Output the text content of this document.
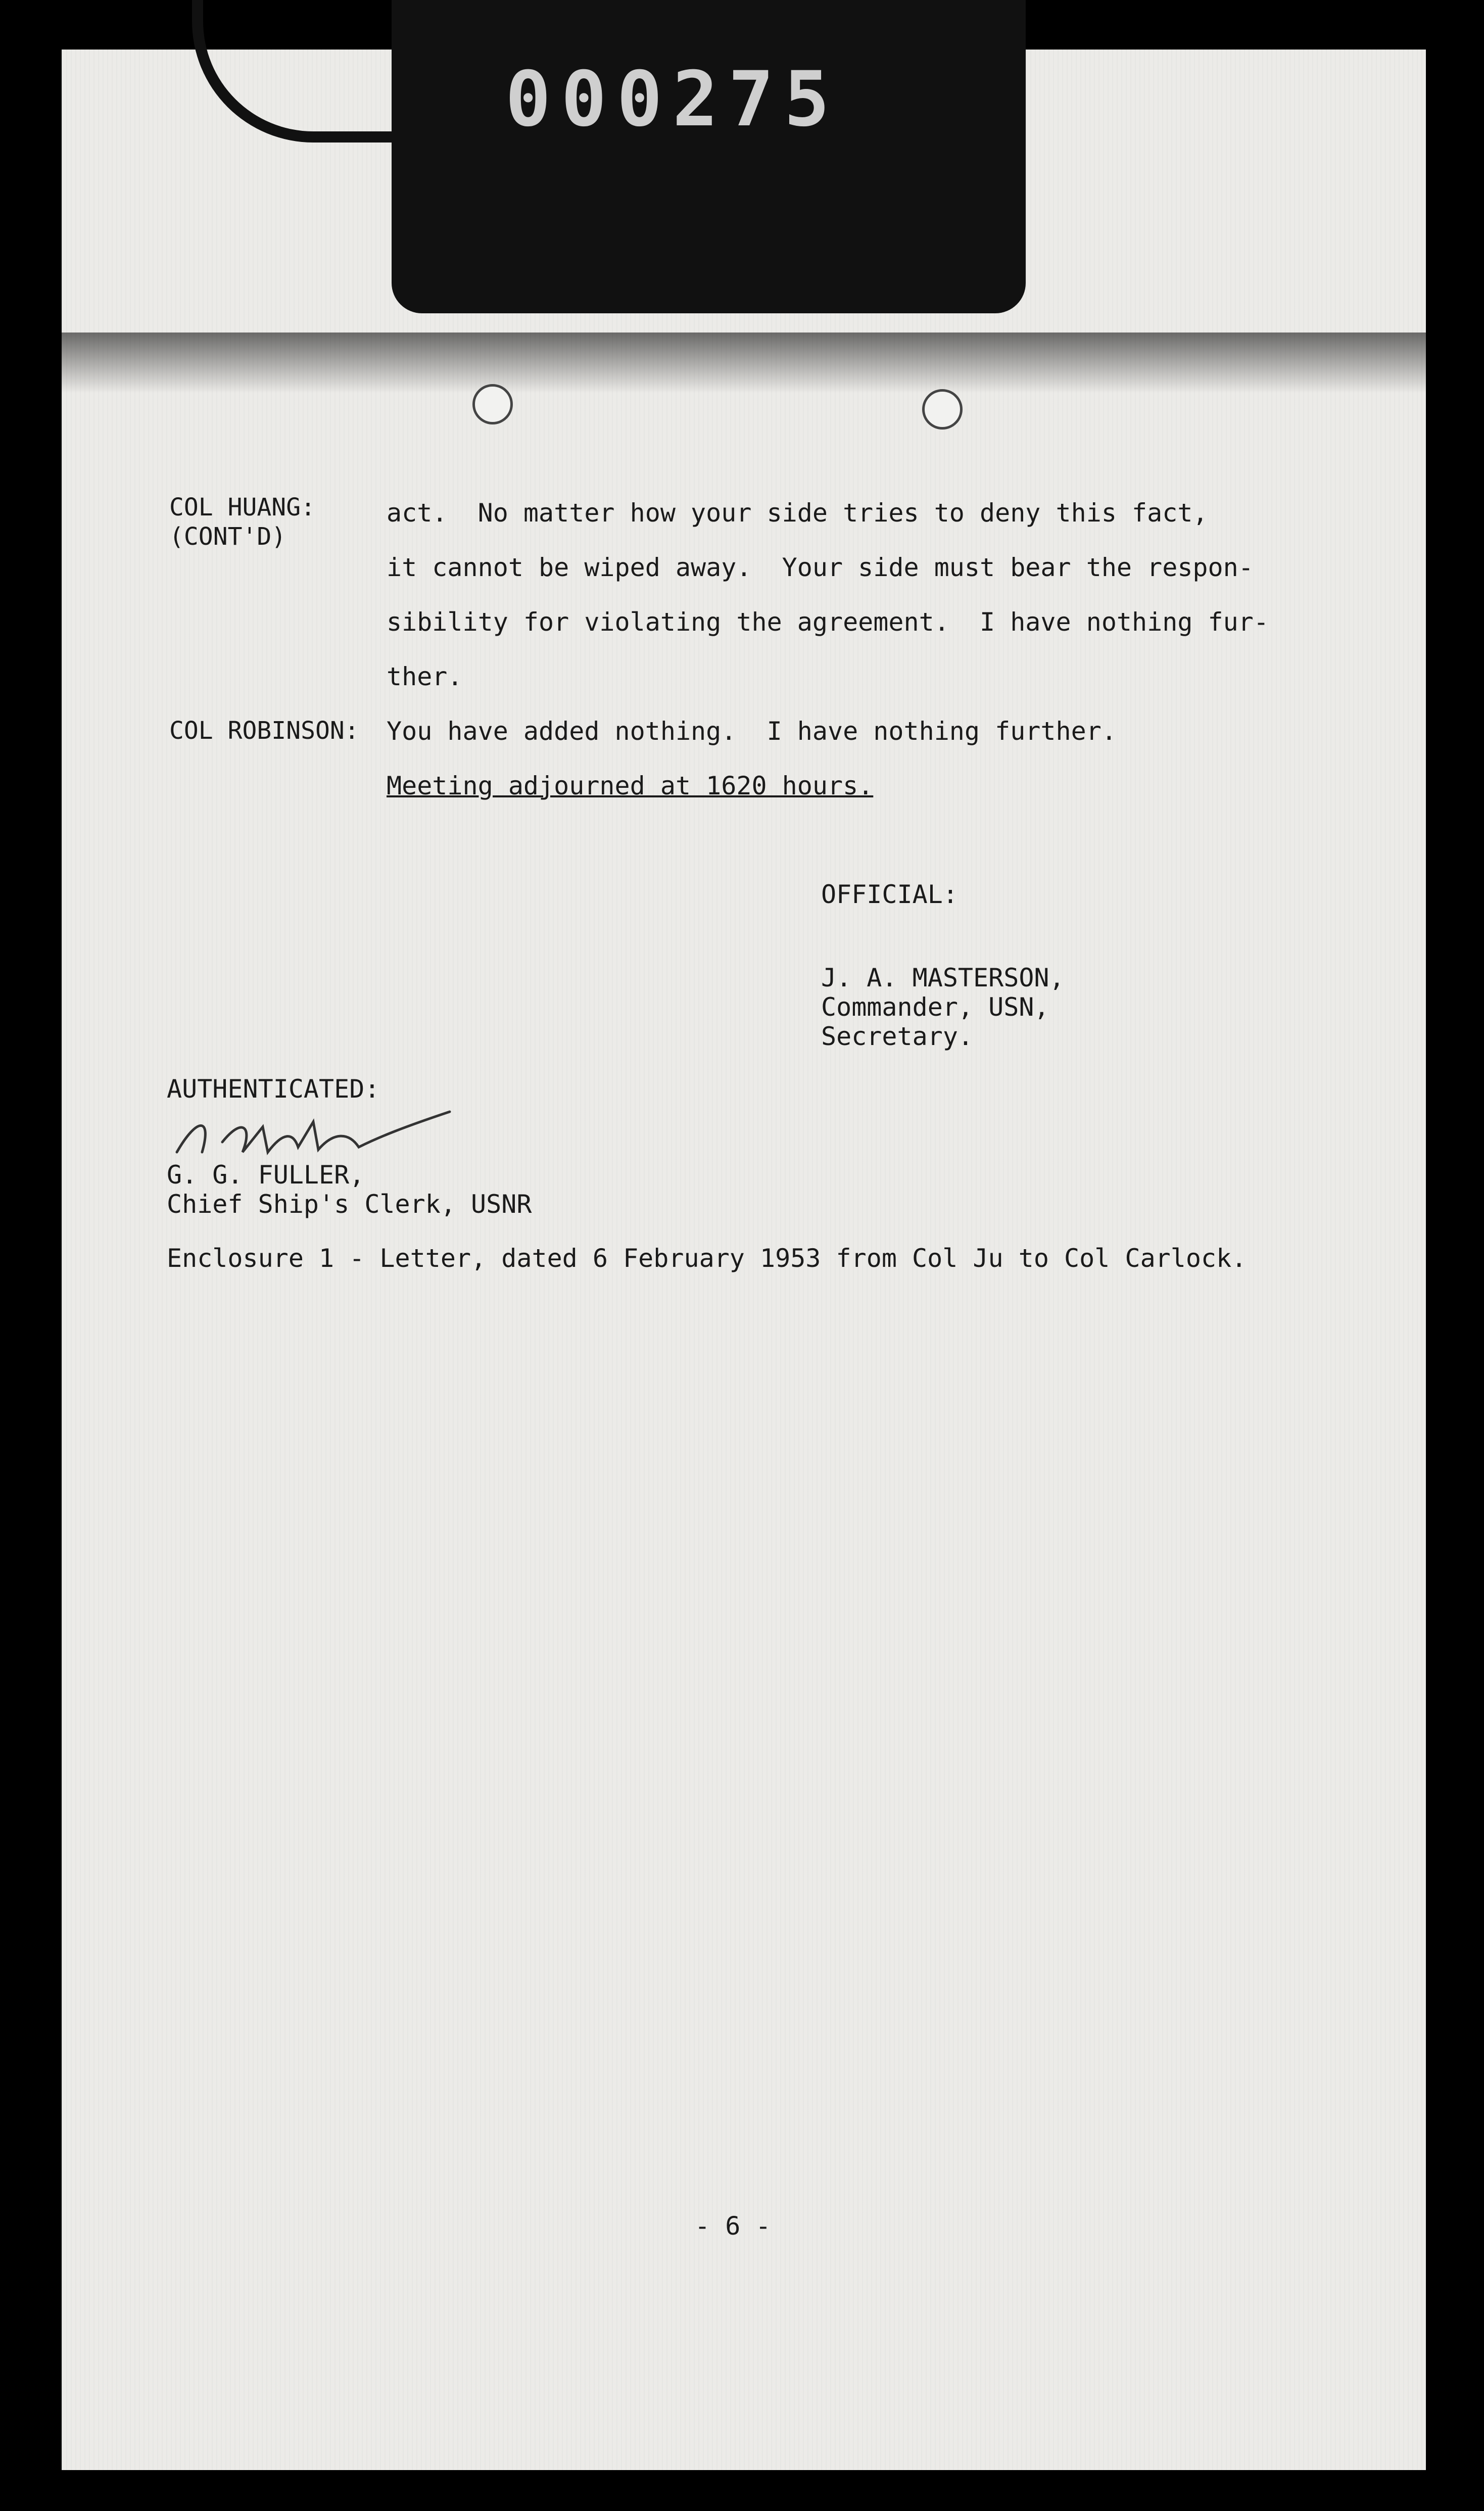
000275
COL HUANG:
(CONT'D)
act.  No matter how your side tries to deny this fact,
it cannot be wiped away.  Your side must bear the respon-
sibility for violating the agreement.  I have nothing fur-
ther.
COL ROBINSON: You have added nothing.  I have nothing further.
Meeting adjourned at 1620 hours.
OFFICIAL:
J. A. MASTERSON,
Commander, USN,
Secretary.
AUTHENTICATED:
G. G. FULLER,
Chief Ship's Clerk, USNR
Enclosure 1 - Letter, dated 6 February 1953 from Col Ju to Col Carlock.
- 6 -
